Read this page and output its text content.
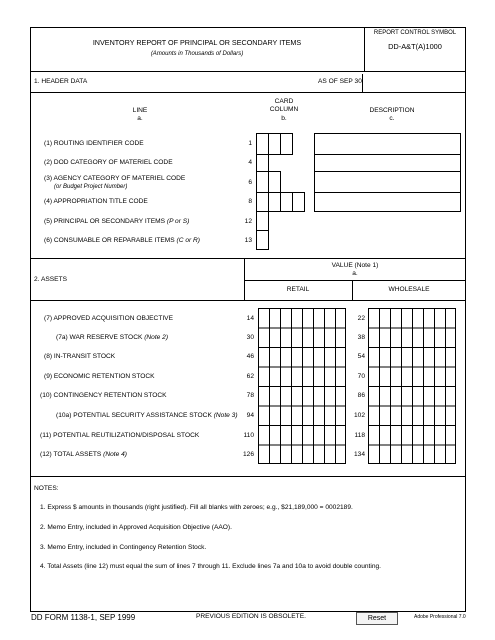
INVENTORY REPORT OF PRINCIPAL OR SECONDARY ITEMS
(Amounts in Thousands of Dollars)
REPORT CONTROL SYMBOL
DD-A&T(A)1000
1. HEADER DATA	AS OF SEP 30
LINE
a.
CARD
COLUMN
b.
DESCRIPTION
c.
(1) ROUTING IDENTIFIER CODE	1
(2) DOD CATEGORY OF MATERIEL CODE	4
(3) AGENCY CATEGORY OF MATERIEL CODE
(or Budget Project Number)
6
(4) APPROPRIATION TITLE CODE	8
(5) PRINCIPAL OR SECONDARY ITEMS (P or S)	12
(6) CONSUMABLE OR REPARABLE ITEMS (C or R)	13
2. ASSETS
VALUE (Note 1)
a.
RETAIL	WHOLESALE
(7) APPROVED ACQUISITION OBJECTIVE	14	22
(7a) WAR RESERVE STOCK (Note 2)	30	38
(8) IN-TRANSIT STOCK	46	54
(9) ECONOMIC RETENTION STOCK	62	70
(10) CONTINGENCY RETENTION STOCK	78	86
(10a) POTENTIAL SECURITY ASSISTANCE STOCK (Note 3)	94	102
(11) POTENTIAL REUTILIZATION/DISPOSAL STOCK	110	118
(12) TOTAL ASSETS (Note 4)	126	134
NOTES:
1. Express $ amounts in thousands (right justified). Fill all blanks with zeroes; e.g., $21,189,000 = 0002189.
2. Memo Entry, included in Approved Acquisition Objective (AAO).
3. Memo Entry, included in Contingency Retention Stock.
4. Total Assets (line 12) must equal the sum of lines 7 through 11. Exclude lines 7a and 10a to avoid double counting.
DD FORM 1138-1, SEP 1999	PREVIOUS EDITION IS OBSOLETE.	Reset	Adobe Professional 7.0
